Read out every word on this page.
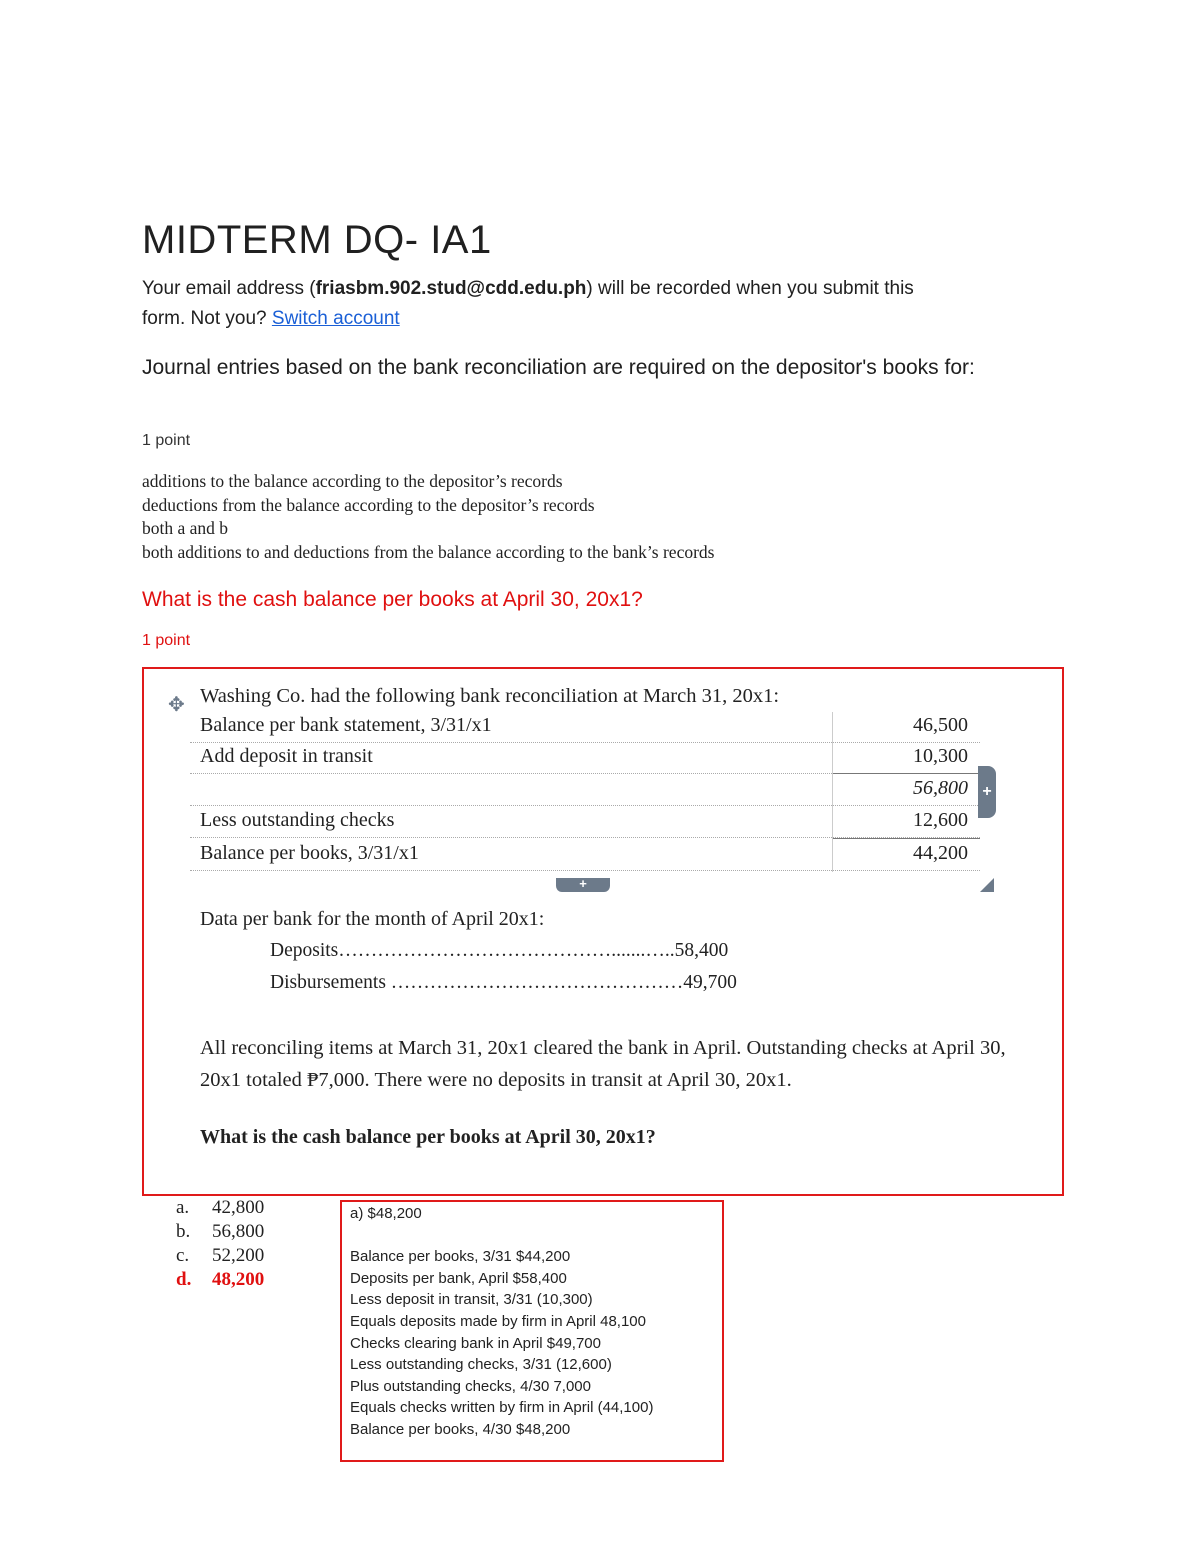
MIDTERM DQ- IA1
Your email address (friasbm.902.stud@cdd.edu.ph) will be recorded when you submit this
form. Not you? Switch account
Journal entries based on the bank reconciliation are required on the depositor's books for:
1 point
additions to the balance according to the depositor’s records
deductions from the balance according to the depositor’s records
both a and b
both additions to and deductions from the balance according to the bank’s records
What is the cash balance per books at April 30, 20x1?
1 point
✥ Washing Co. had the following bank reconciliation at March 31, 20x1:
Balance per bank statement, 3/31/x1	46,500
Add deposit in transit	10,300
56,800
Less outstanding checks	12,600
Balance per books, 3/31/x1	44,200
+
+
Data per bank for the month of April 20x1:
Deposits…………………………………….......…..58,400
Disbursements ………………………………………49,700
All reconciling items at March 31, 20x1 cleared the bank in April. Outstanding checks at April 30, 20x1 totaled ₱7,000. There were no deposits in transit at April 30, 20x1.
What is the cash balance per books at April 30, 20x1?
a. 42,800
b. 56,800
c. 52,200
d. 48,200
a) $48,200
Balance per books, 3/31 $44,200
Deposits per bank, April $58,400
Less deposit in transit, 3/31 (10,300)
Equals deposits made by firm in April 48,100
Checks clearing bank in April $49,700
Less outstanding checks, 3/31 (12,600)
Plus outstanding checks, 4/30 7,000
Equals checks written by firm in April (44,100)
Balance per books, 4/30 $48,200
